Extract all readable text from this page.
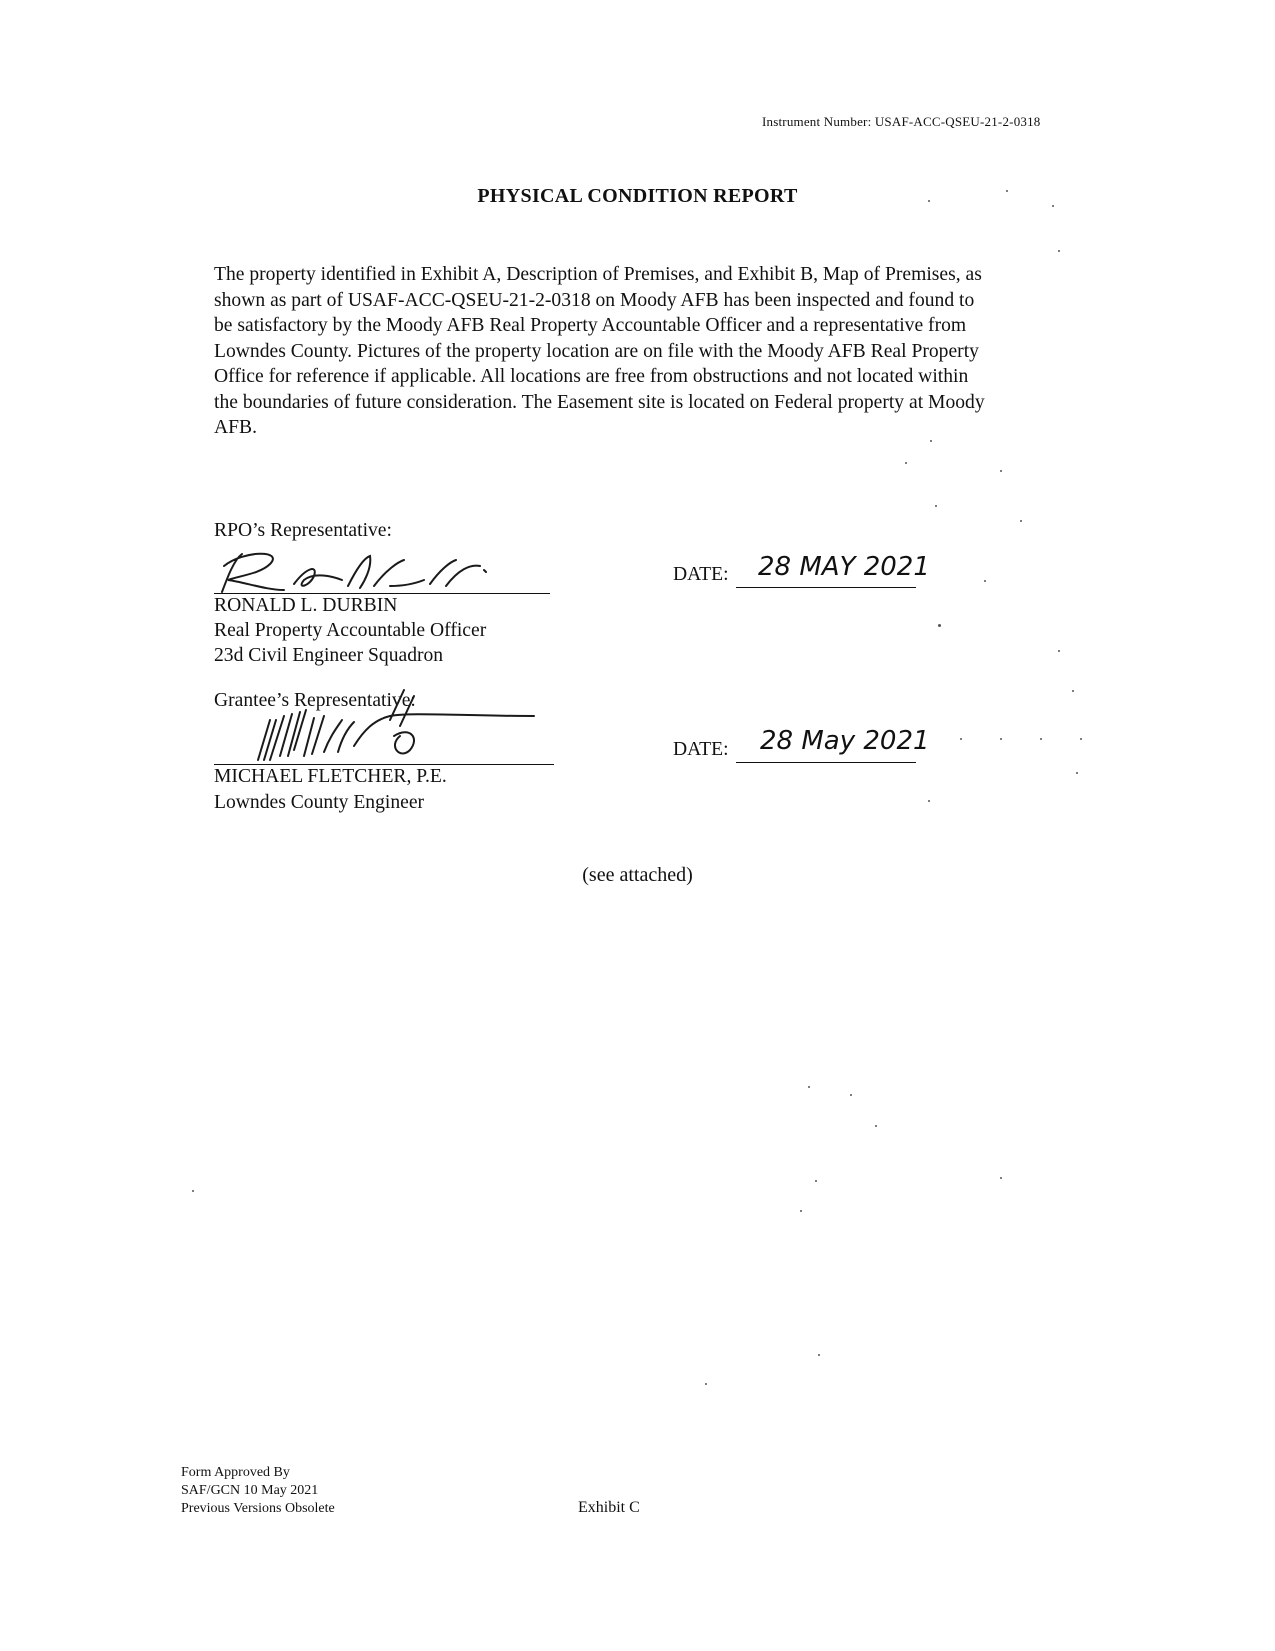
Instrument Number: USAF-ACC-QSEU-21-2-0318
PHYSICAL CONDITION REPORT
The property identified in Exhibit A, Description of Premises, and Exhibit B, Map of Premises, as
shown as part of USAF-ACC-QSEU-21-2-0318 on Moody AFB has been inspected and found to
be satisfactory by the Moody AFB Real Property Accountable Officer and a representative from
Lowndes County. Pictures of the property location are on file with the Moody AFB Real Property
Office for reference if applicable. All locations are free from obstructions and not located within
the boundaries of future consideration. The Easement site is located on Federal property at Moody
AFB.
RPO’s Representative:
RONALD L. DURBIN
Real Property Accountable Officer
23d Civil Engineer Squadron
DATE: 28 MAY 2021
Grantee’s Representative:
MICHAEL FLETCHER, P.E.
Lowndes County Engineer
DATE: 28 May 2021
(see attached)
Form Approved By
SAF/GCN 10 May 2021
Previous Versions Obsolete	Exhibit C
